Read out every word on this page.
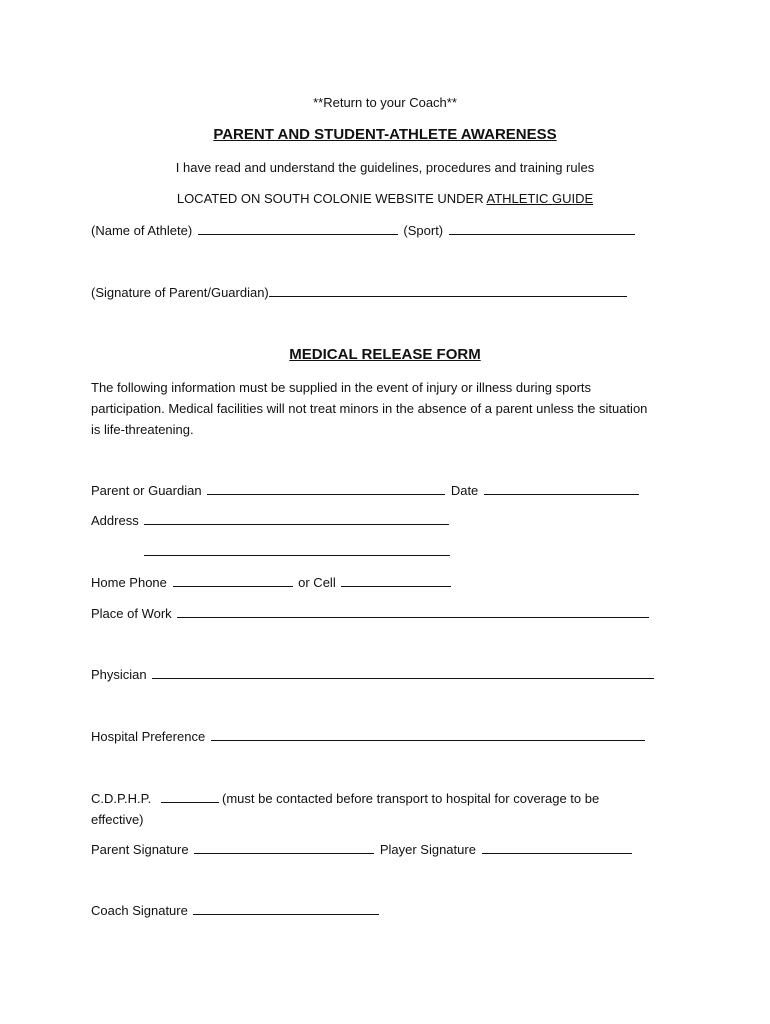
**Return to your Coach**
PARENT AND STUDENT-ATHLETE AWARENESS
I have read and understand the guidelines, procedures and training rules
LOCATED ON SOUTH COLONIE WEBSITE UNDER ATHLETIC GUIDE
(Name of Athlete)	(Sport)
(Signature of Parent/Guardian)
MEDICAL RELEASE FORM
The following information must be supplied in the event of injury or illness during sports participation. Medical facilities will not treat minors in the absence of a parent unless the situation is life-threatening.
Parent or Guardian	Date
Address
Home Phone	or Cell
Place of Work
Physician
Hospital Preference
C.D.P.H.P.	(must be contacted before transport to hospital for coverage to be effective)
Parent Signature	Player Signature
Coach Signature
